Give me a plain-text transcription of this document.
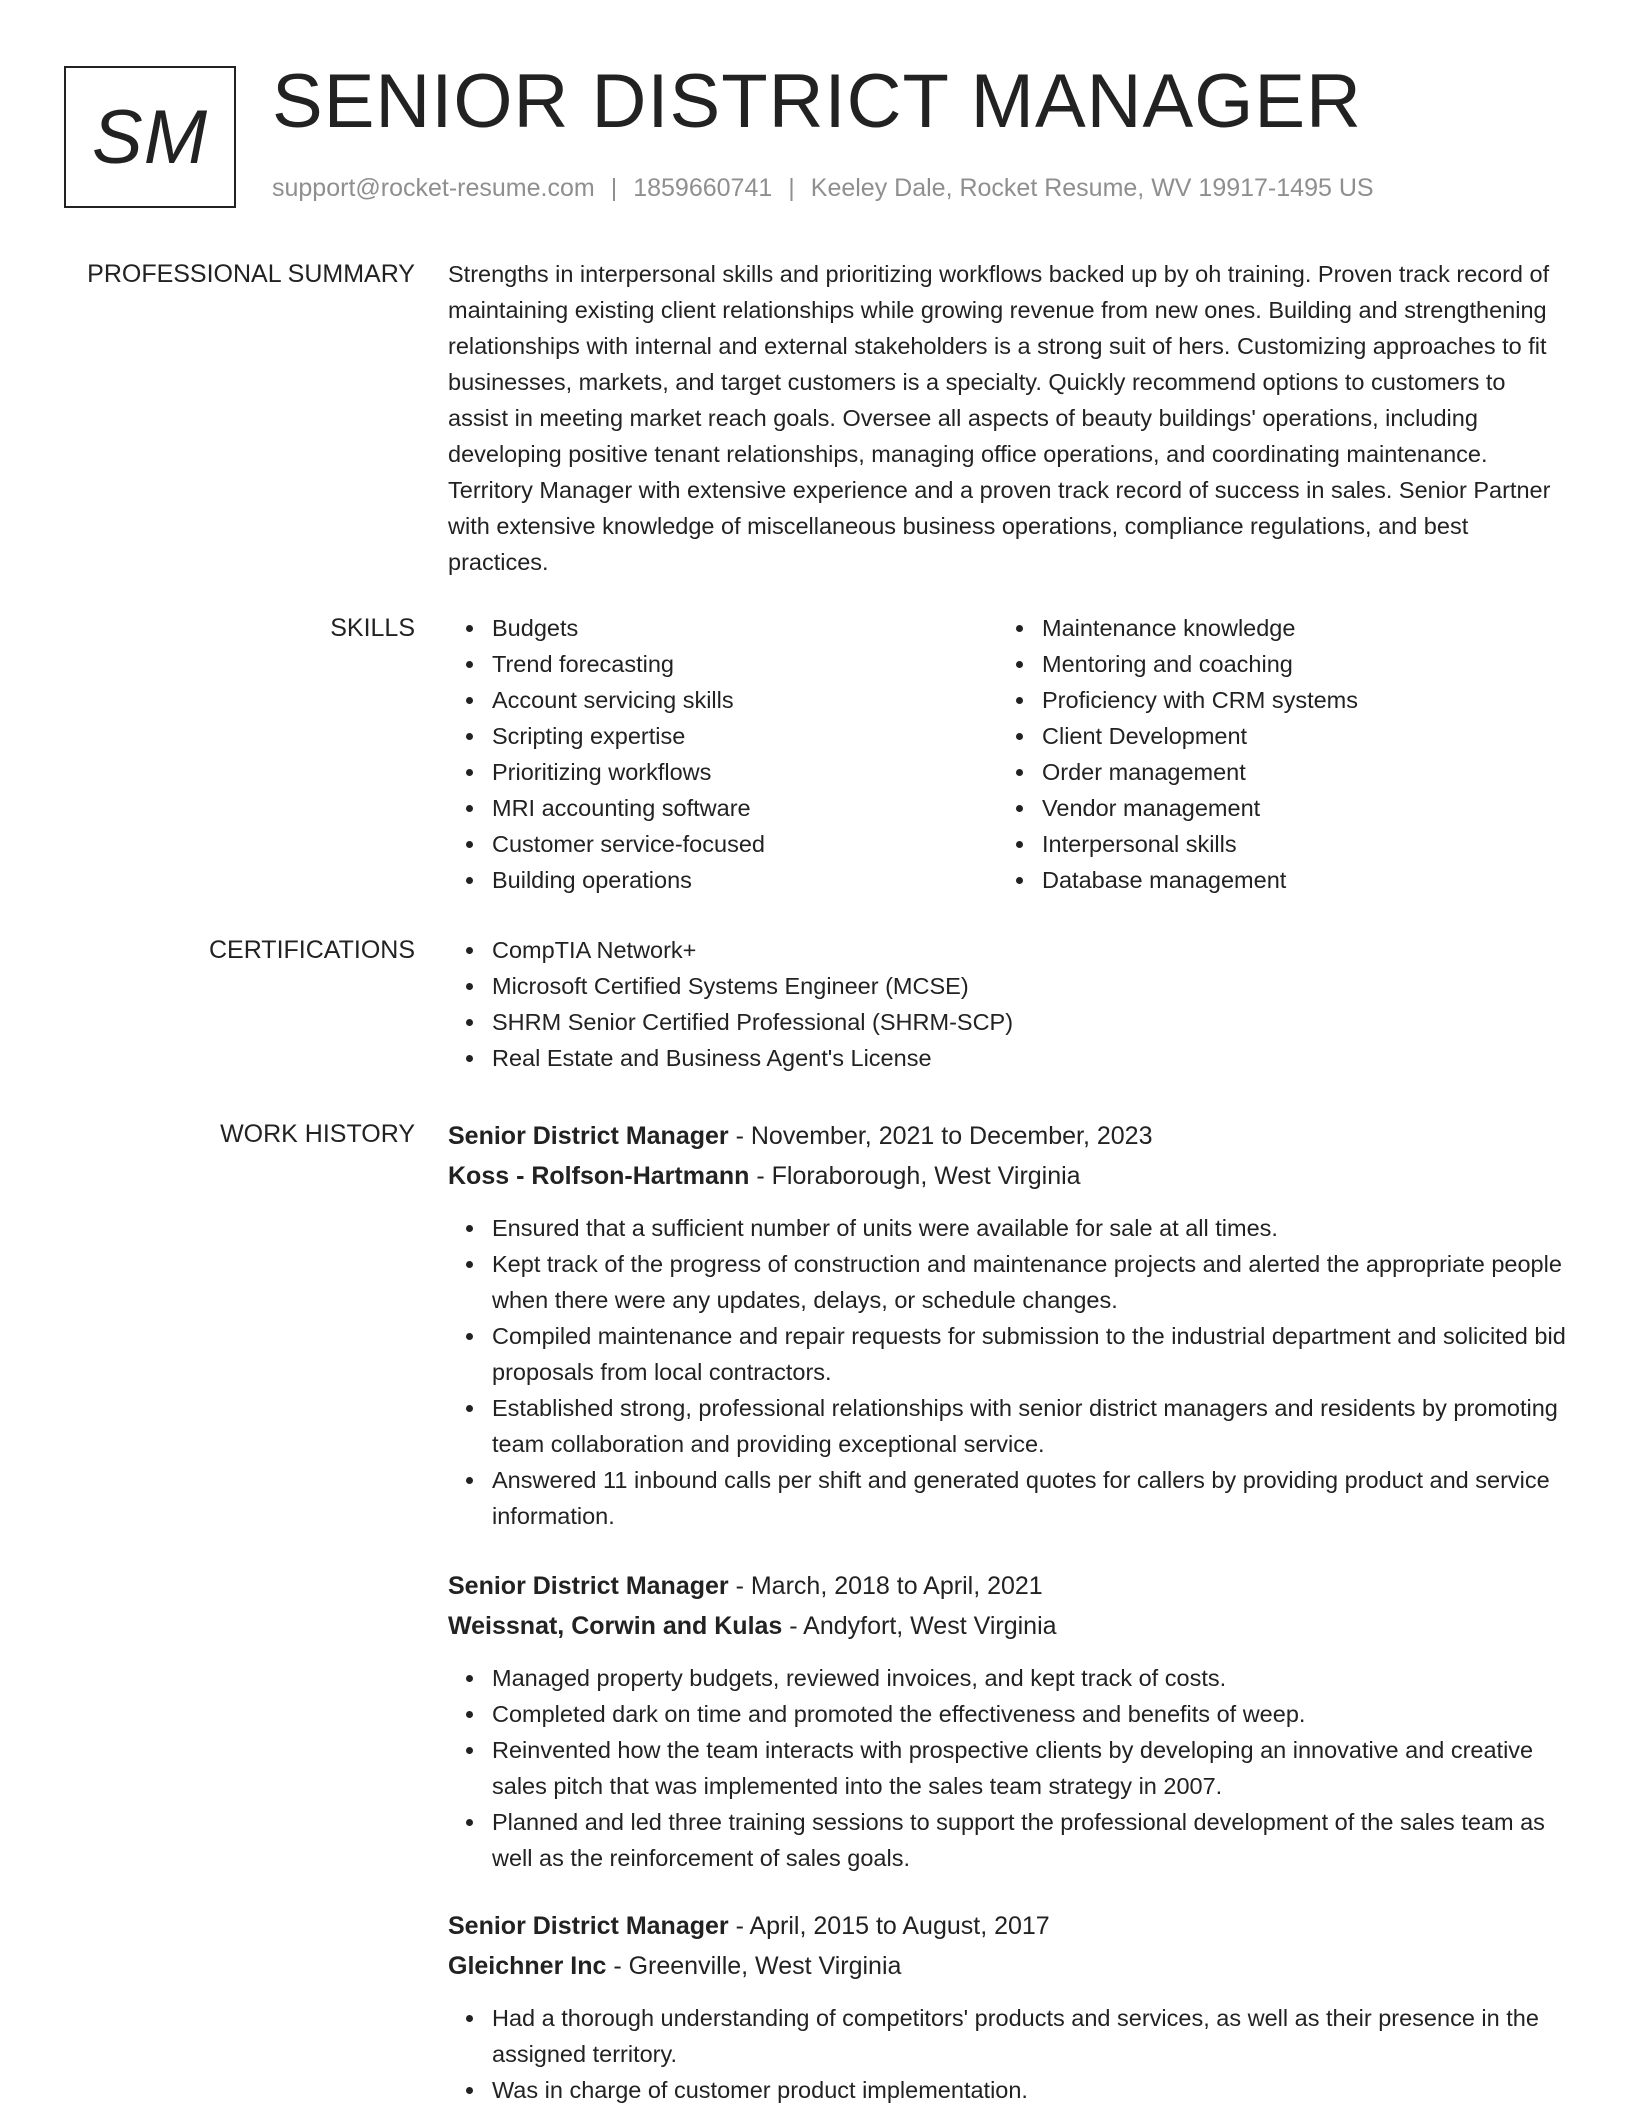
SM SENIOR DISTRICT MANAGER
support@rocket-resume.com | 1859660741 | Keeley Dale, Rocket Resume, WV 19917-1495 US
PROFESSIONAL SUMMARY Strengths in interpersonal skills and prioritizing workflows backed up by oh training. Proven track record of maintaining existing client relationships while growing revenue from new ones. Building and strengthening relationships with internal and external stakeholders is a strong suit of hers. Customizing approaches to fit businesses, markets, and target customers is a specialty. Quickly recommend options to customers to assist in meeting market reach goals. Oversee all aspects of beauty buildings' operations, including developing positive tenant relationships, managing office operations, and coordinating maintenance. Territory Manager with extensive experience and a proven track record of success in sales. Senior Partner with extensive knowledge of miscellaneous business operations, compliance regulations, and best practices.

SKILLS	Budgets
Trend forecasting
Account servicing skills
Scripting expertise
Prioritizing workflows
MRI accounting software
Customer service-focused
Building operations
Maintenance knowledge
Mentoring and coaching
Proficiency with CRM systems
Client Development
Order management
Vendor management
Interpersonal skills
Database management
CERTIFICATIONS	CompTIA Network+
Microsoft Certified Systems Engineer (MCSE)
SHRM Senior Certified Professional (SHRM-SCP)
Real Estate and Business Agent's License
WORK HISTORY Senior District Manager - November, 2021 to December, 2023
Koss - Rolfson-Hartmann - Floraborough, West Virginia
Ensured that a sufficient number of units were available for sale at all times.
Kept track of the progress of construction and maintenance projects and alerted the appropriate people when there were any updates, delays, or schedule changes.
Compiled maintenance and repair requests for submission to the industrial department and solicited bid proposals from local contractors.
Established strong, professional relationships with senior district managers and residents by promoting team collaboration and providing exceptional service.
Answered 11 inbound calls per shift and generated quotes for callers by providing product and service information.
Senior District Manager - March, 2018 to April, 2021
Weissnat, Corwin and Kulas - Andyfort, West Virginia
Managed property budgets, reviewed invoices, and kept track of costs.
Completed dark on time and promoted the effectiveness and benefits of weep.
Reinvented how the team interacts with prospective clients by developing an innovative and creative sales pitch that was implemented into the sales team strategy in 2007.
Planned and led three training sessions to support the professional development of the sales team as well as the reinforcement of sales goals.
Senior District Manager - April, 2015 to August, 2017
Gleichner Inc - Greenville, West Virginia
Had a thorough understanding of competitors' products and services, as well as their presence in the assigned territory.
Was in charge of customer product implementation.
